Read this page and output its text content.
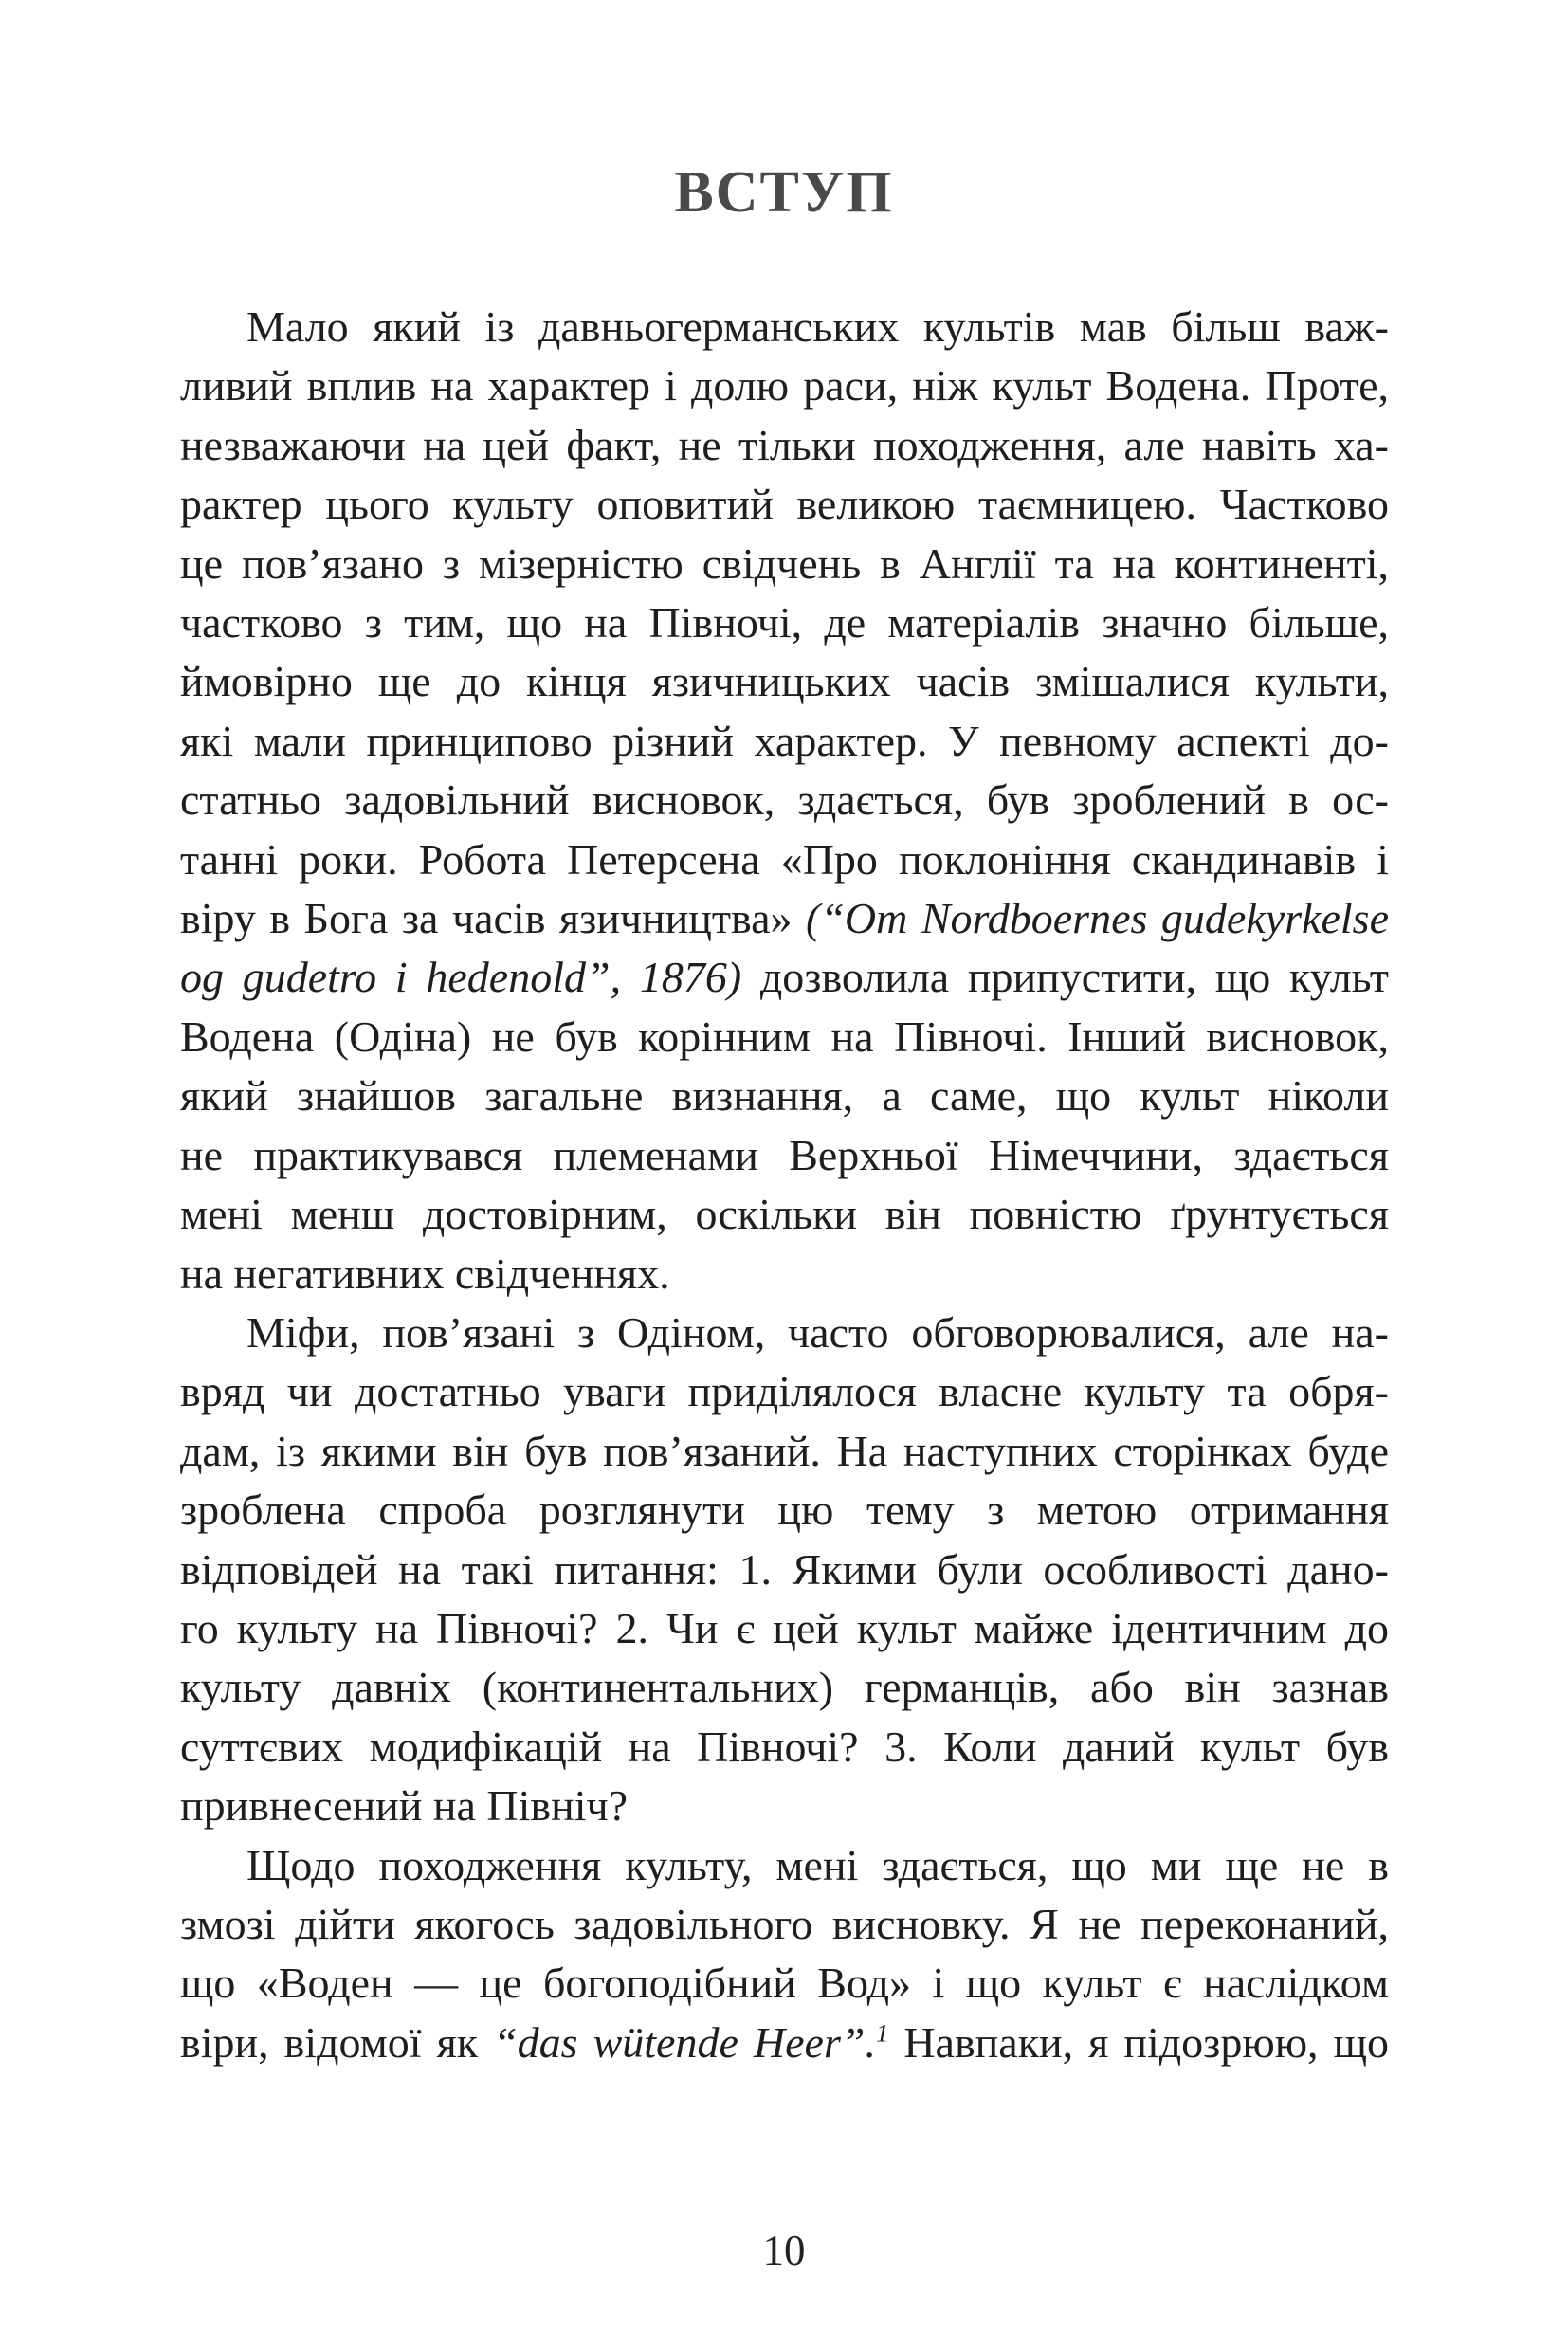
ВСТУП
Мало який із давньогерманських культів мав більш важ-
ливий вплив на характер і долю раси, ніж культ Водена. Проте,
незважаючи на цей факт, не тільки походження, але навіть ха-
рактер цього культу оповитий великою таємницею. Частково
це пов’язано з мізерністю свідчень в Англії та на континенті,
частково з тим, що на Півночі, де матеріалів значно більше,
ймовірно ще до кінця язичницьких часів змішалися культи,
які мали принципово різний характер. У певному аспекті до-
статньо задовільний висновок, здається, був зроблений в ос-
танні роки. Робота Петерсена «Про поклоніння скандинавів і
віру в Бога за часів язичництва» (“Om Nordboernes gudekyrkelse
og gudetro i hedenold”, 1876) дозволила припустити, що культ
Водена (Одіна) не був корінним на Півночі. Інший висновок,
який знайшов загальне визнання, а саме, що культ ніколи
не практикувався племенами Верхньої Німеччини, здається
мені менш достовірним, оскільки він повністю ґрунтується
на негативних свідченнях.
Міфи, пов’язані з Одіном, часто обговорювалися, але на-
вряд чи достатньо уваги приділялося власне культу та обря-
дам, із якими він був пов’язаний. На наступних сторінках буде
зроблена спроба розглянути цю тему з метою отримання
відповідей на такі питання: 1. Якими були особливості дано-
го культу на Півночі? 2. Чи є цей культ майже ідентичним до
культу давніх (континентальних) германців, або він зазнав
суттєвих модифікацій на Півночі? 3. Коли даний культ був
привнесений на Північ?
Щодо походження культу, мені здається, що ми ще не в
змозі дійти якогось задовільного висновку. Я не переконаний,
що «Воден — це богоподібний Вод» і що культ є наслідком
віри, відомої як “das wütende Heer”.$^1$ Навпаки, я підозрюю, що
10
